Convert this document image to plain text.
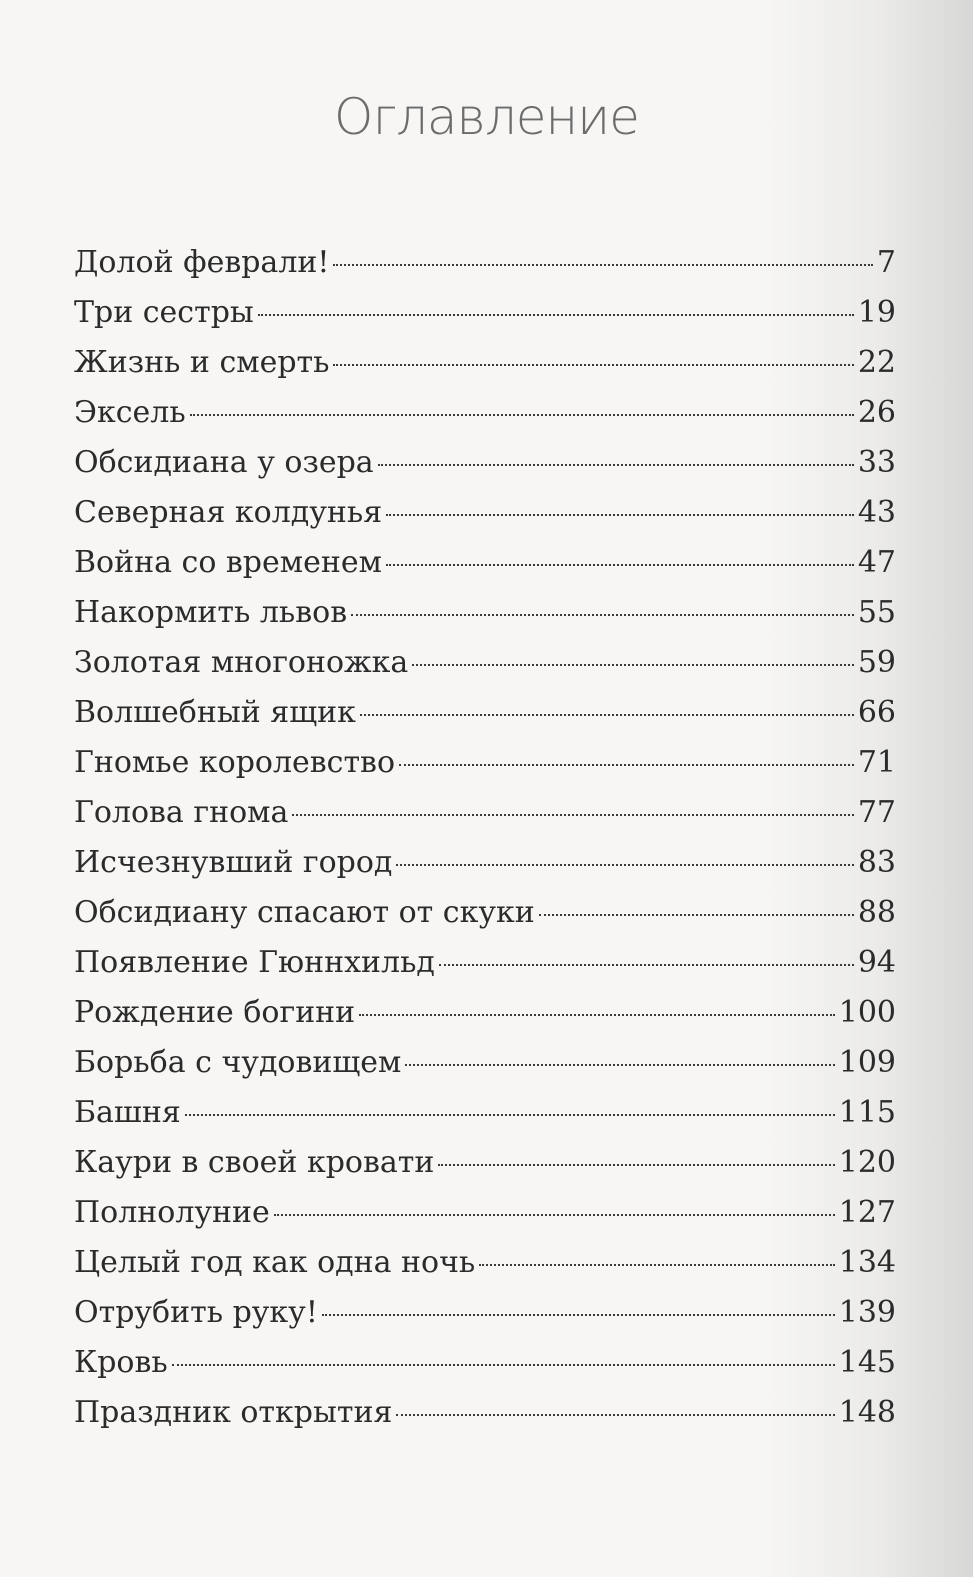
Оглавление
Долой феврали!	7
Три сестры	19
Жизнь и смерть	22
Эксель	26
Обсидиана у озера	33
Северная колдунья	43
Война со временем	47
Накормить львов	55
Золотая многоножка	59
Волшебный ящик	66
Гномье королевство	71
Голова гнома	77
Исчезнувший город	83
Обсидиану спасают от скуки	88
Появление Гюннхильд	94
Рождение богини	100
Борьба с чудовищем	109
Башня	115
Каури в своей кровати	120
Полнолуние	127
Целый год как одна ночь	134
Отрубить руку!	139
Кровь	145
Праздник открытия	148
